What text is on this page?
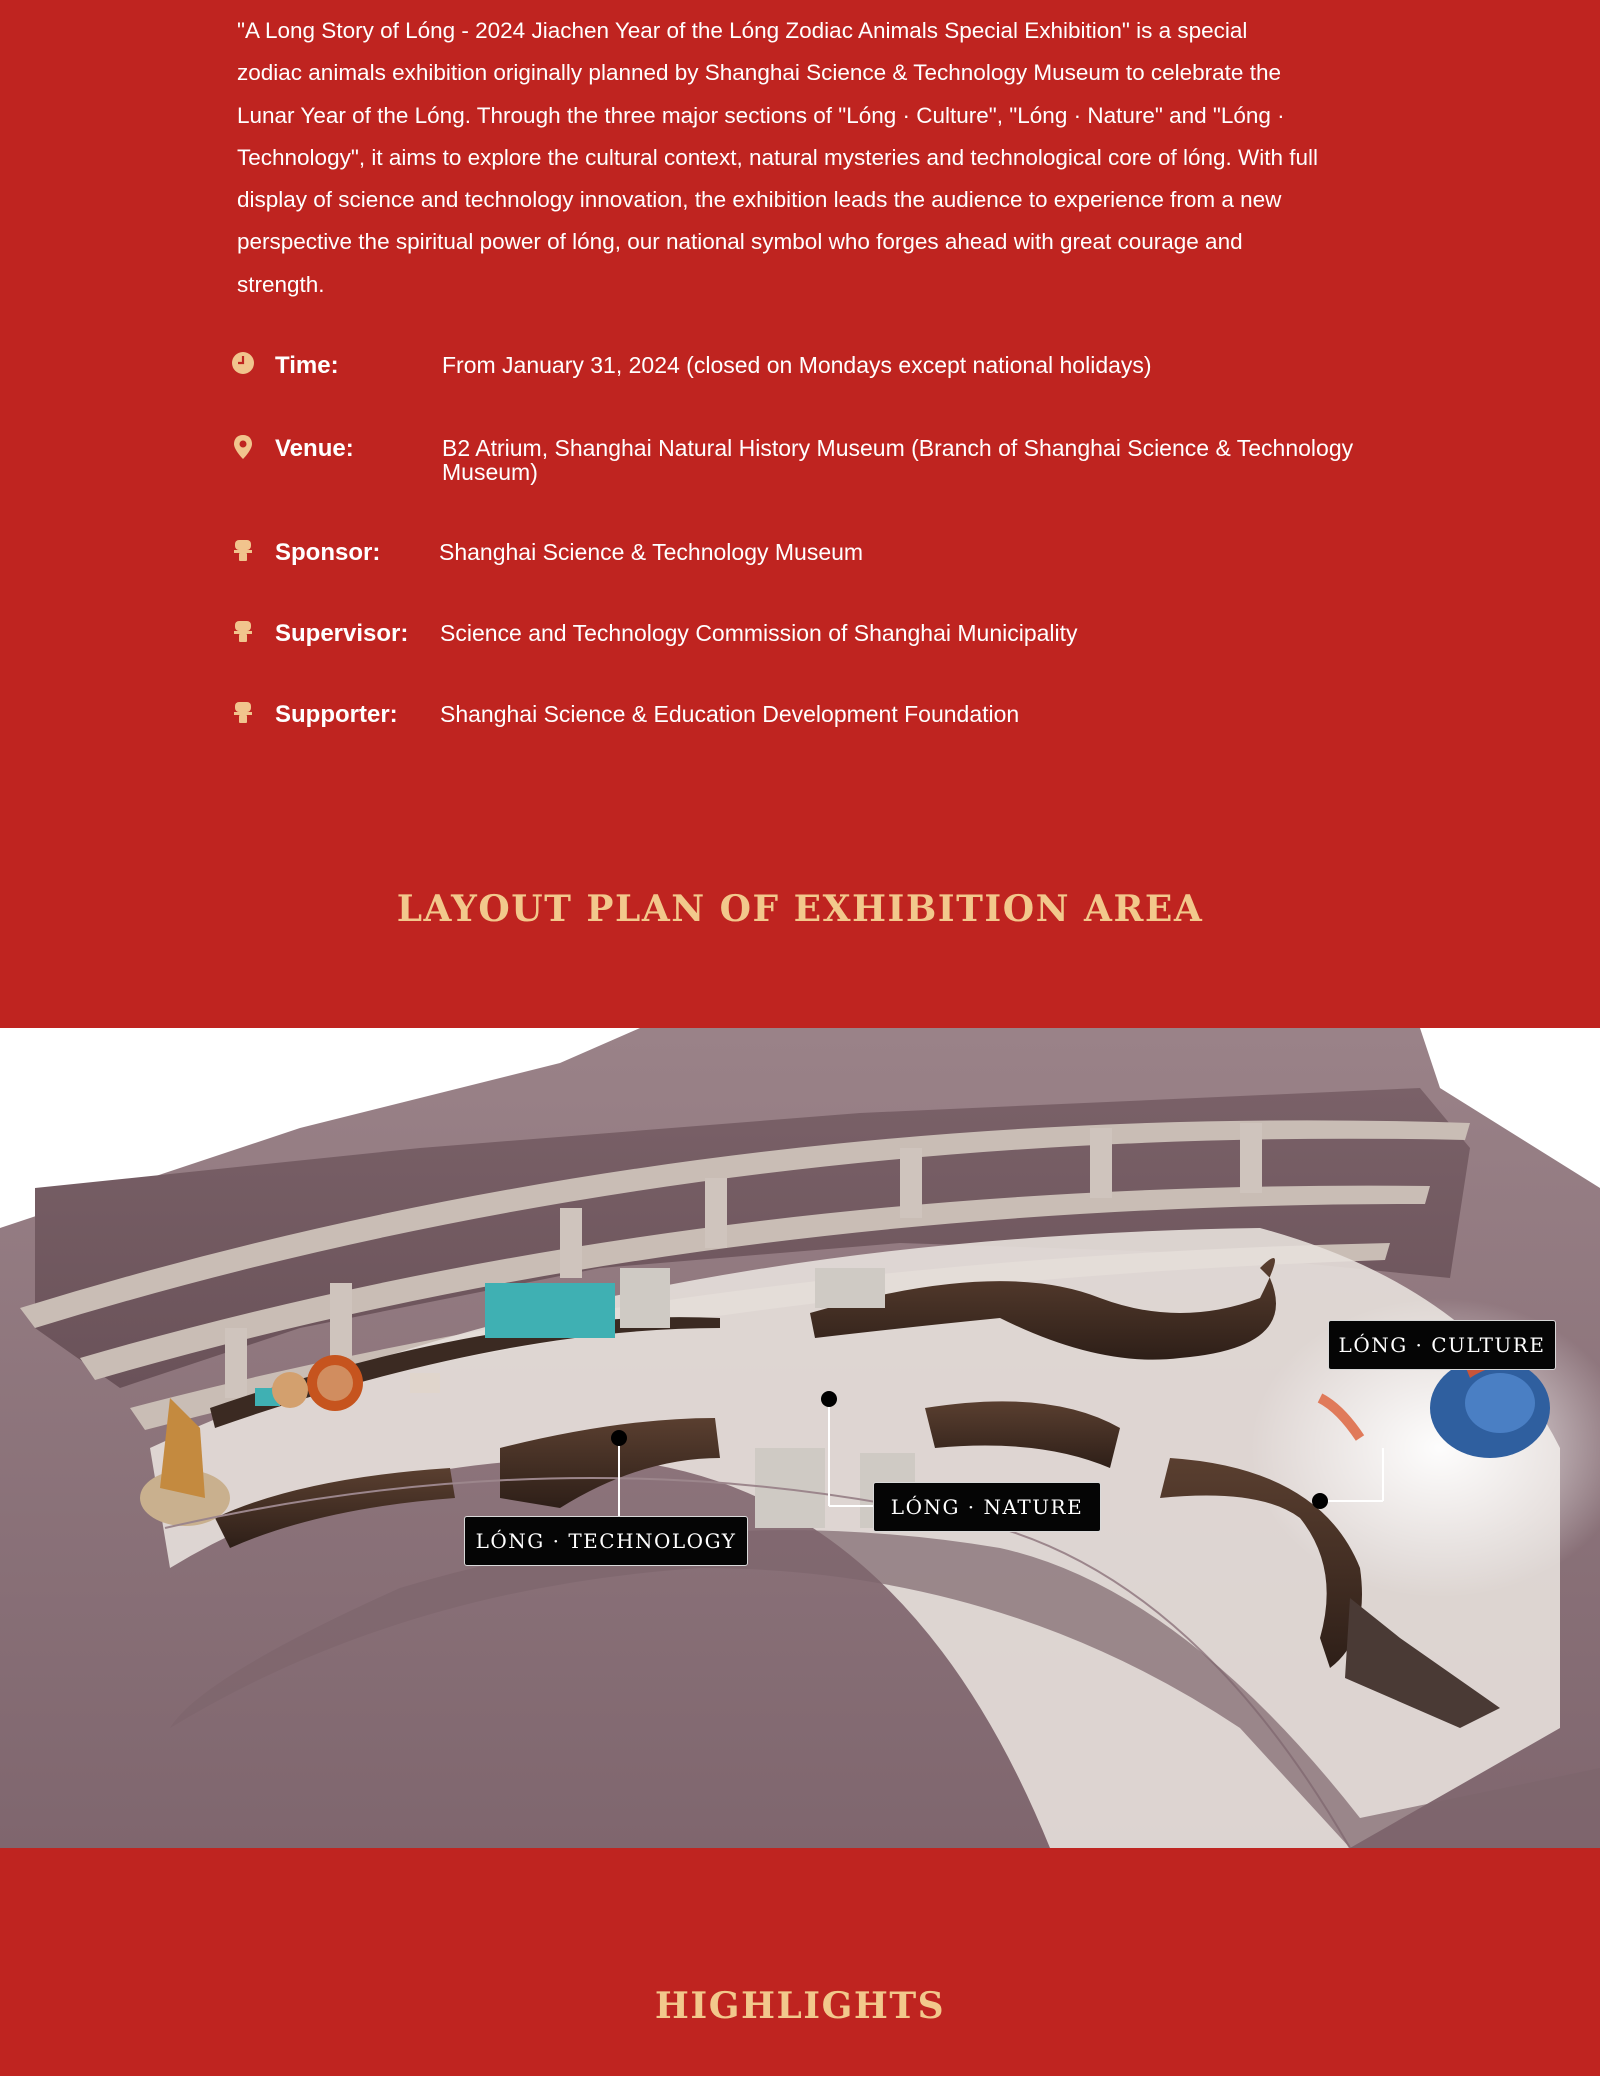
"A Long Story of Lóng - 2024 Jiachen Year of the Lóng Zodiac Animals Special Exhibition" is a special
zodiac animals exhibition originally planned by Shanghai Science & Technology Museum to celebrate the
Lunar Year of the Lóng. Through the three major sections of "Lóng · Culture", "Lóng · Nature" and "Lóng ·
Technology", it aims to explore the cultural context, natural mysteries and technological core of lóng. With full
display of science and technology innovation, the exhibition leads the audience to experience from a new
perspective the spiritual power of lóng, our national symbol who forges ahead with great courage and
strength.
Time:	From January 31, 2024 (closed on Mondays except national holidays)
Venue:	B2 Atrium, Shanghai Natural History Museum (Branch of Shanghai Science & Technology
Museum)
Sponsor:	Shanghai Science & Technology Museum
Supervisor: Science and Technology Commission of Shanghai Municipality
Supporter: Shanghai Science & Education Development Foundation
LAYOUT PLAN OF EXHIBITION AREA
LÓNG · CULTURE
LÓNG · NATURE
LÓNG · TECHNOLOGY
HIGHLIGHTS
